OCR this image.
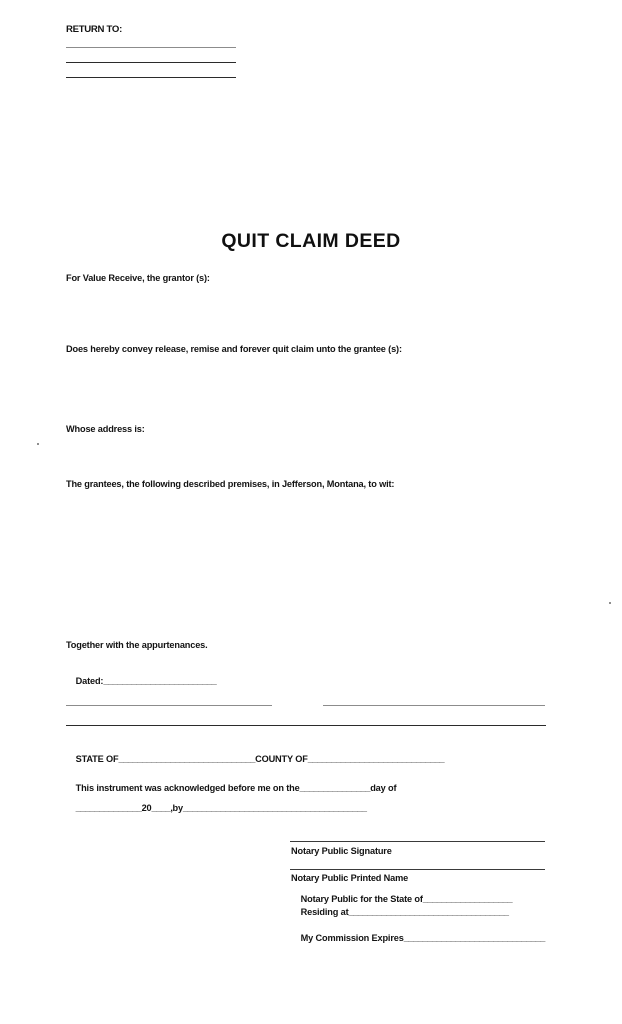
RETURN TO:
QUIT CLAIM DEED
For Value Receive, the grantor (s):
Does hereby convey release, remise and forever quit claim unto the grantee (s):
Whose address is:
The grantees, the following described premises, in Jefferson, Montana, to wit:
Together with the appurtenances.

Dated:________________________

STATE OF_____________________________COUNTY OF_____________________________

This instrument was acknowledged before me on the_______________day of

______________20____,by_______________________________________

Notary Public Signature
Notary Public Printed Name

Notary Public for the State of___________________

Residing at__________________________________

My Commission Expires______________________________
